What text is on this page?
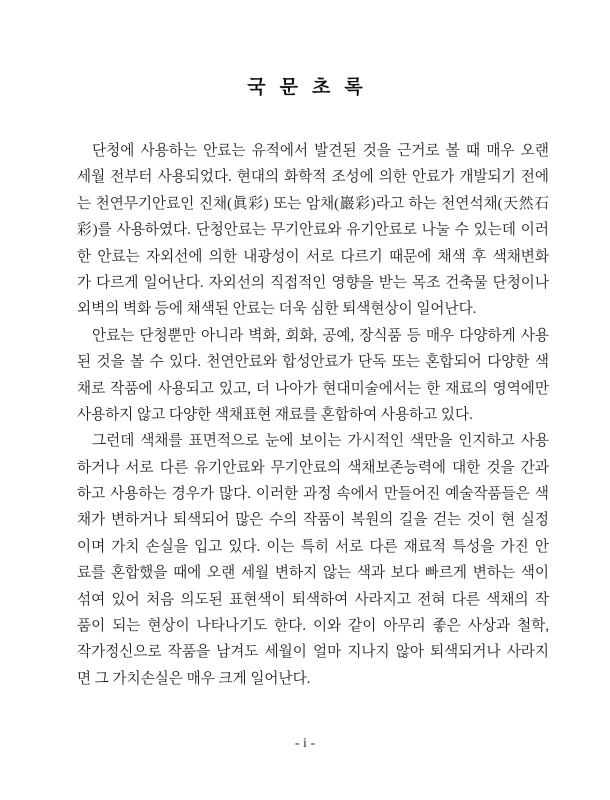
국문초록
단청에 사용하는 안료는 유적에서 발견된 것을 근거로 볼 때 매우 오랜
세월 전부터 사용되었다. 현대의 화학적 조성에 의한 안료가 개발되기 전에
는 천연무기안료인 진채(眞彩) 또는 암채(巖彩)라고 하는 천연석채(天然石
彩)를 사용하였다. 단청안료는 무기안료와 유기안료로 나눌 수 있는데 이러
한 안료는 자외선에 의한 내광성이 서로 다르기 때문에 채색 후 색채변화
가 다르게 일어난다. 자외선의 직접적인 영향을 받는 목조 건축물 단청이나
외벽의 벽화 등에 채색된 안료는 더욱 심한 퇴색현상이 일어난다.
안료는 단청뿐만 아니라 벽화, 회화, 공예, 장식품 등 매우 다양하게 사용
된 것을 볼 수 있다. 천연안료와 합성안료가 단독 또는 혼합되어 다양한 색
채로 작품에 사용되고 있고, 더 나아가 현대미술에서는 한 재료의 영역에만
사용하지 않고 다양한 색채표현 재료를 혼합하여 사용하고 있다.
그런데 색채를 표면적으로 눈에 보이는 가시적인 색만을 인지하고 사용
하거나 서로 다른 유기안료와 무기안료의 색채보존능력에 대한 것을 간과
하고 사용하는 경우가 많다. 이러한 과정 속에서 만들어진 예술작품들은 색
채가 변하거나 퇴색되어 많은 수의 작품이 복원의 길을 걷는 것이 현 실정
이며 가치 손실을 입고 있다. 이는 특히 서로 다른 재료적 특성을 가진 안
료를 혼합했을 때에 오랜 세월 변하지 않는 색과 보다 빠르게 변하는 색이
섞여 있어 처음 의도된 표현색이 퇴색하여 사라지고 전혀 다른 색채의 작
품이 되는 현상이 나타나기도 한다. 이와 같이 아무리 좋은 사상과 철학,
작가정신으로 작품을 남겨도 세월이 얼마 지나지 않아 퇴색되거나 사라지
면 그 가치손실은 매우 크게 일어난다.
- i -
